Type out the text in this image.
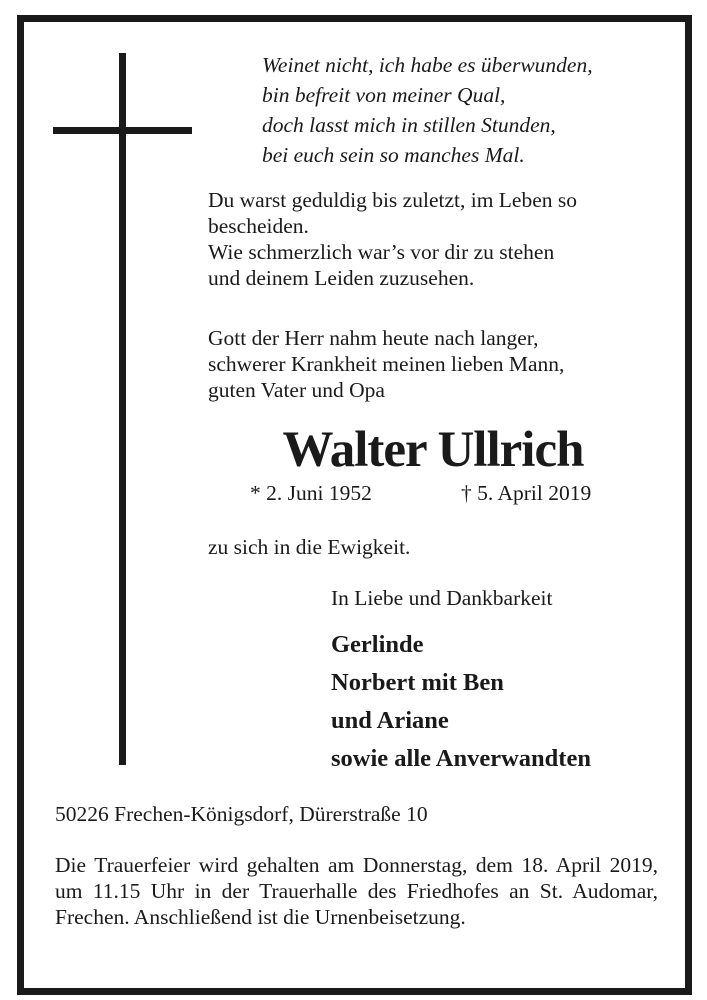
Weinet nicht, ich habe es überwunden,
bin befreit von meiner Qual,
doch lasst mich in stillen Stunden,
bei euch sein so manches Mal.
Du warst geduldig bis zuletzt, im Leben so
bescheiden.
Wie schmerzlich war’s vor dir zu stehen
und deinem Leiden zuzusehen.
Gott der Herr nahm heute nach langer,
schwerer Krankheit meinen lieben Mann,
guten Vater und Opa
Walter Ullrich
* 2. Juni 1952	† 5. April 2019
zu sich in die Ewigkeit.
In Liebe und Dankbarkeit
Gerlinde
Norbert mit Ben
und Ariane
sowie alle Anverwandten
50226 Frechen-Königsdorf, Dürerstraße 10
Die Trauerfeier wird gehalten am Donnerstag, dem 18. April 2019, um 11.15 Uhr in der Trauerhalle des Friedhofes an St. Audomar, Frechen. Anschließend ist die Urnenbeisetzung.
